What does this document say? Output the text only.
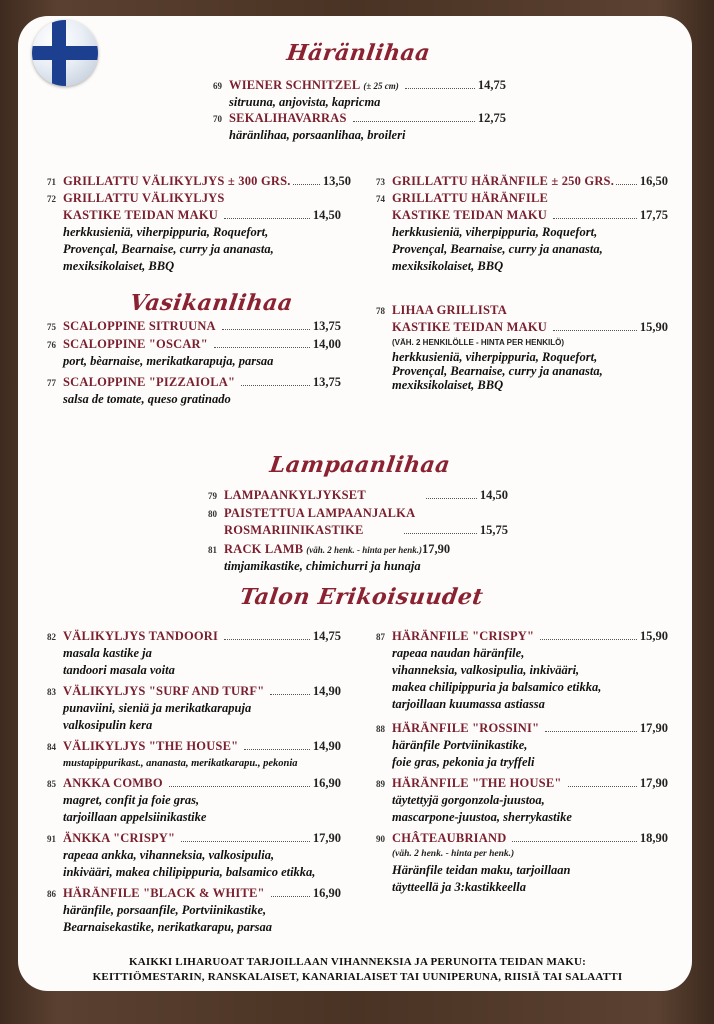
Häränlihaa
Vasikanlihaa
Lampaanlihaa
Talon Erikoisuudet
69 WIENER SCHNITZEL (± 25 cm)	14,75
sitruuna, anjovista, kapriста
70 SEKALIHAVARRAS	12,75
häränlihaa, porsaanlihaa, broileri
71 GRILLATTU VÄLIKYLJYS ± 300 GRS.	13,50
72 GRILLATTU VÄLIKYLJYS
KASTIKE TEIDAN MAKU	14,50
herkkusieniä, viherpippuria, Roquefort,
Provençal, Bearnaise, curry ja ananasta,
mexiksikolaiset, BBQ
73 GRILLATTU HÄRÄNFILE ± 250 GRS. 16,50
74 GRILLATTU HÄRÄNFILE
KASTIKE TEIDAN MAKU	17,75
herkkusieniä, viherpippuria, Roquefort,
Provençal, Bearnaise, curry ja ananasta,
mexiksikolaiset, BBQ
75 SCALOPPINE SITRUUNA	13,75
76 SCALOPPINE "OSCAR"	14,00
port, bèarnaise, merikatkarapuja, parsaa
77 SCALOPPINE "PIZZAIOLA"	13,75
salsa de tomate, queso gratinado
78 LIHAA GRILLISTA
KASTIKE TEIDAN MAKU	15,90
(VÄH. 2 HENKILÖLLE - HINTA PER HENKILÖ)
herkkusieniä, viherpippuria, Roquefort,
Provençal, Bearnaise, curry ja ananasta,
mexiksikolaiset, BBQ
79 LAMPAANKYLJYKSET	14,50
80 PAISTETTUA LAMPAANJALKA
ROSMARIINIKASTIKE	15,75
81 RACK LAMB (väh. 2 henk. - hinta per henk.) 17,90
timjamikastike, chimichurri ja hunaja
82 VÄLIKYLJYS TANDOORI	14,75
masala kastike ja
tandoori masala voita
83 VÄLIKYLJYS "SURF AND TURF"	14,90
punaviini, sieniä ja merikatkarapuja
valkosipulin kera
84 VÄLIKYLJYS "THE HOUSE"	14,90
mustapippurikast., ananasta, merikatkarapu., pekonia
85 ANKKA COMBO	16,90
magret, confit ja foie gras,
tarjoillaan appelsiinikastike
91 ÄNKKA "CRISPY"	17,90
rapeaa ankka, vihanneksia, valkosipulia,
inkivääri, makea chilipippuria, balsamico etikka,
86 HÄRÄNFILE "BLACK & WHITE"	16,90
häränfile, porsaanfile, Portviinikastike,
Bearnaisekastike, nerikatkarapu, parsaa
87 HÄRÄNFILE "CRISPY"	15,90
rapeaa naudan häränfile,
vihanneksia, valkosipulia, inkivääri,
makea chilipippuria ja balsamico etikka,
tarjoillaan kuumassa astiassa
88 HÄRÄNFILE "ROSSINI"	17,90
häränfile Portviinikastike,
foie gras, pekonia ja tryffeli
89 HÄRÄNFILE "THE HOUSE"	17,90
täytettyjä gorgonzola-juustoa,
mascarpone-juustoa, sherrykastike
90 CHÂTEAUBRIAND	18,90
(väh. 2 henk. - hinta per henk.)
Häränfile teidan maku, tarjoillaan
täytteellä ja 3:kastikkeella
KAIKKI LIHARUOAT TARJOILLAAN VIHANNEKSIA JA PERUNOITA TEIDAN MAKU:
KEITTIÖMESTARIN, RANSKALAISET, KANARIALAISET TAI UUNIPERUNA, RIISIÄ TAI SALAATTI
